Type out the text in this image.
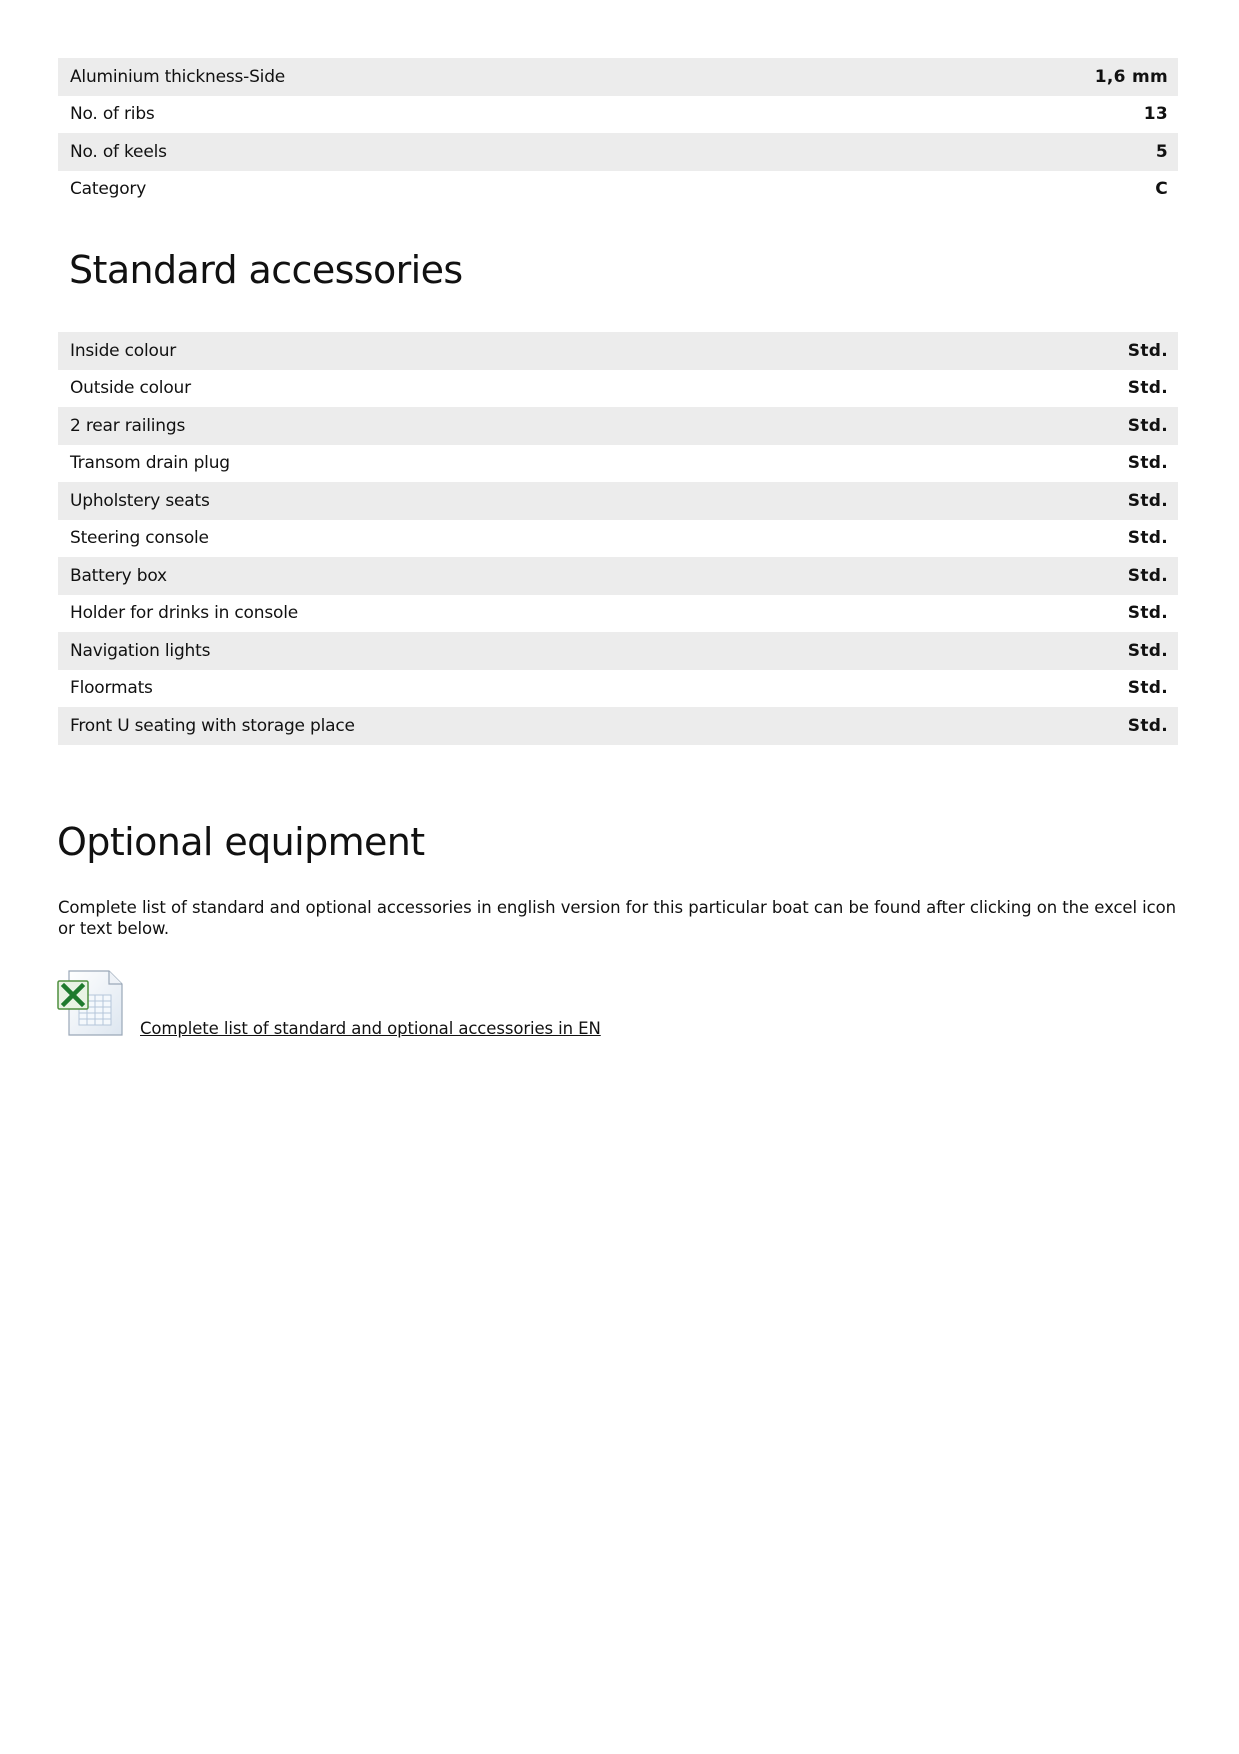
Aluminium thickness-Side	1,6 mm
No. of ribs	13
No. of keels	5
Category	C
Standard accessories
Inside colour	Std.
Outside colour	Std.
2 rear railings	Std.
Transom drain plug	Std.
Upholstery seats	Std.
Steering console	Std.
Battery box	Std.
Holder for drinks in console	Std.
Navigation lights	Std.
Floormats	Std.
Front U seating with storage place	Std.
Optional equipment

Complete list of standard and optional accessories in english version for this particular boat can be found after clicking on the excel icon or text below.

Complete list of standard and optional accessories in EN
